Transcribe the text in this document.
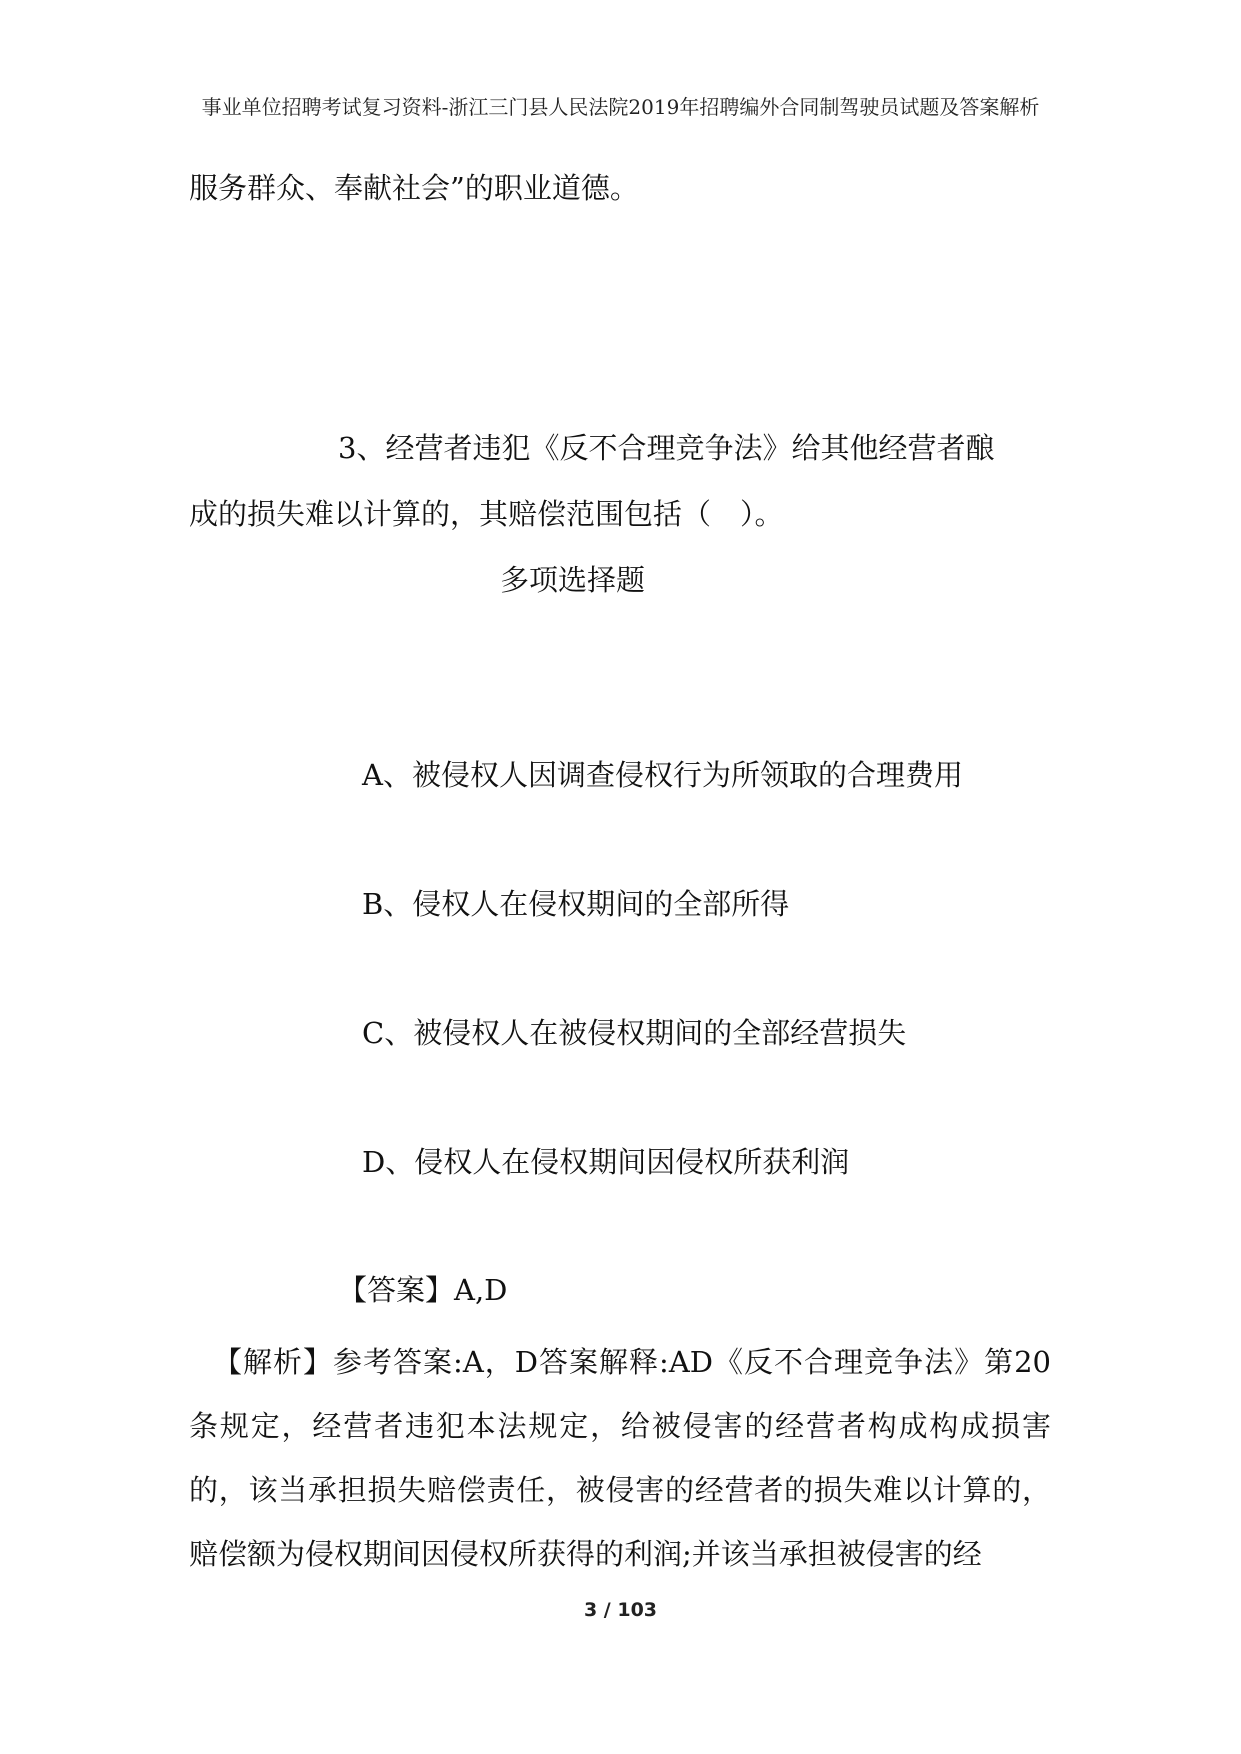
事业单位招聘考试复习资料-浙江三门县人民法院2019年招聘编外合同制驾驶员试题及答案解析
服务群众、奉献社会”的职业道德。
3、经营者违犯《反不合理竞争法》给其他经营者酿
成的损失难以计算的，其赔偿范围包括（　）。
多项选择题
A、被侵权人因调查侵权行为所领取的合理费用
B、侵权人在侵权期间的全部所得
C、被侵权人在被侵权期间的全部经营损失
D、侵权人在侵权期间因侵权所获利润
【答案】A,D
【解析】参考答案:A，D答案解释:AD《反不合理竞争法》第20条规定，经营者违犯本法规定，给被侵害的经营者构成构成损害的，该当承担损失赔偿责任，被侵害的经营者的损失难以计算的，赔偿额为侵权期间因侵权所获得的利润;并该当承担被侵害的经
3 / 103
